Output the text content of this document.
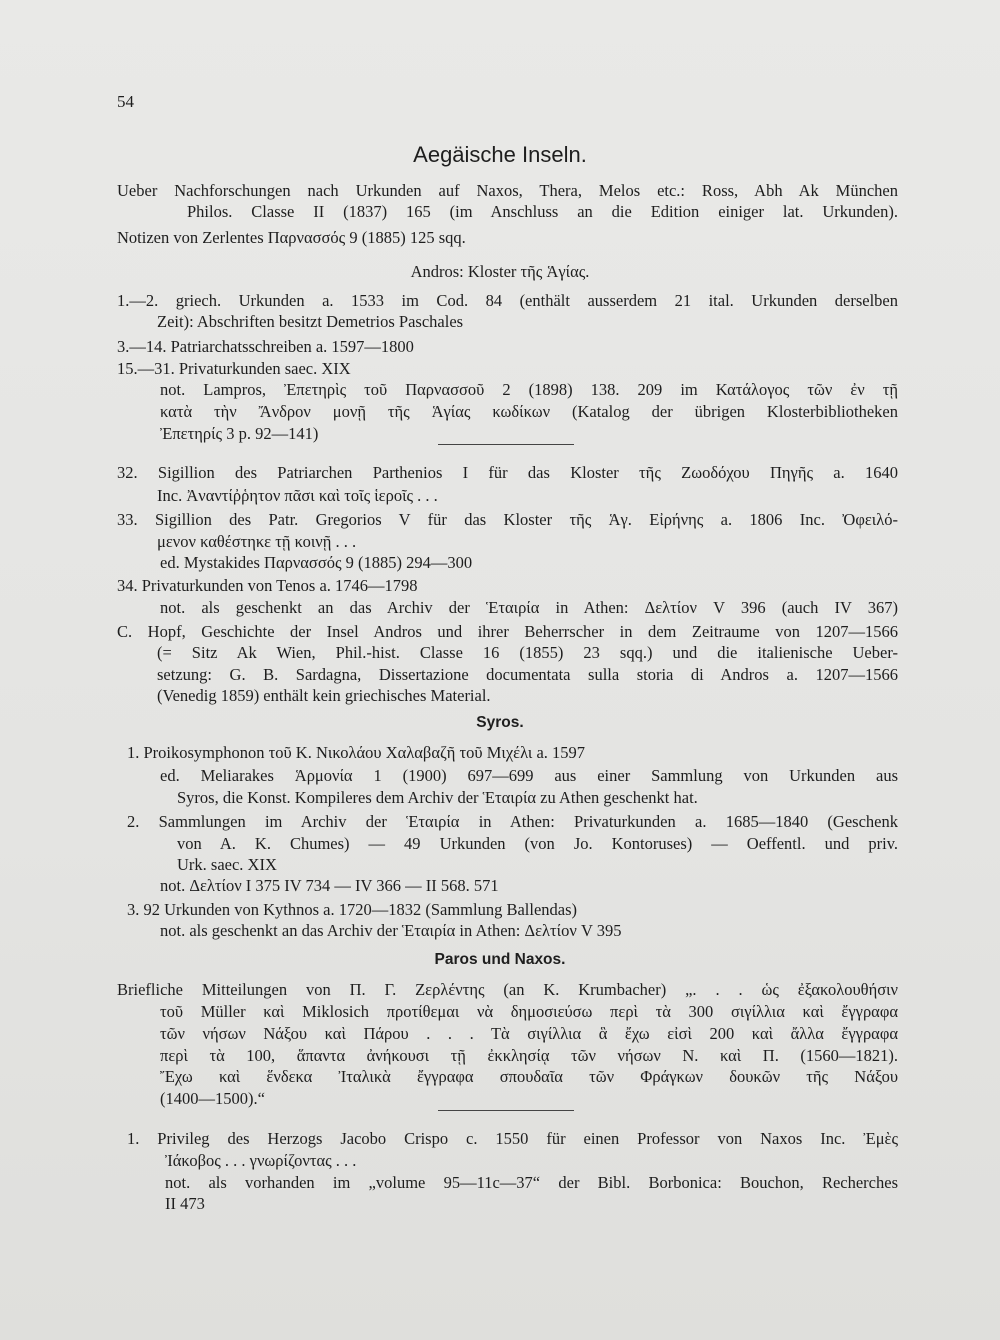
54
Aegäische Inseln.
Ueber Nachforschungen nach Urkunden auf Naxos, Thera, Melos etc.: Ross, Abh Ak München
Philos. Classe II (1837) 165 (im Anschluss an die Edition einiger lat. Urkunden).
Notizen von Zerlentes Παρνασσός 9 (1885) 125 sqq.
Andros: Kloster τῆς Ἁγίας.
1.—2. griech. Urkunden a. 1533 im Cod. 84 (enthält ausserdem 21 ital. Urkunden derselben
Zeit): Abschriften besitzt Demetrios Paschales
3.—14. Patriarchatsschreiben a. 1597—1800
15.—31. Privaturkunden saec. XIX
not. Lampros, Ἐπετηρὶς τοῦ Παρνασσοῦ 2 (1898) 138. 209 im Κατάλογος τῶν ἐν τῇ
κατὰ τὴν Ἄνδρον μονῇ τῆς Ἁγίας κωδίκων (Katalog der übrigen Klosterbibliotheken
Ἐπετηρίς 3 p. 92—141)
32. Sigillion des Patriarchen Parthenios I für das Kloster τῆς Ζωοδόχου Πηγῆς a. 1640
Inc. Ἀναντίῤῥητον πᾶσι καὶ τοῖς ἱεροῖς . . .
33. Sigillion des Patr. Gregorios V für das Kloster τῆς Ἁγ. Εἰρήνης a. 1806 Inc. Ὀφειλό-
μενον καθέστηκε τῇ κοινῇ . . .
ed. Mystakides Παρνασσός 9 (1885) 294—300
34. Privaturkunden von Tenos a. 1746—1798
not. als geschenkt an das Archiv der Ἑταιρία in Athen: Δελτίον V 396 (auch IV 367)
C. Hopf, Geschichte der Insel Andros und ihrer Beherrscher in dem Zeitraume von 1207—1566
(= Sitz Ak Wien, Phil.-hist. Classe 16 (1855) 23 sqq.) und die italienische Ueber-
setzung: G. B. Sardagna, Dissertazione documentata sulla storia di Andros a. 1207—1566
(Venedig 1859) enthält kein griechisches Material.
Syros.
1. Proikosymphonon τοῦ Κ. Νικολάου Χαλαβαζῆ τοῦ Μιχέλι a. 1597
ed. Meliarakes Ἁρμονία 1 (1900) 697—699 aus einer Sammlung von Urkunden aus
Syros, die Konst. Kompileres dem Archiv der Ἑταιρία zu Athen geschenkt hat.
2. Sammlungen im Archiv der Ἑταιρία in Athen: Privaturkunden a. 1685—1840 (Geschenk
von A. K. Chumes) — 49 Urkunden (von Jo. Kontoruses) — Oeffentl. und priv.
Urk. saec. XIX
not. Δελτίον I 375 IV 734 — IV 366 — II 568. 571
3. 92 Urkunden von Kythnos a. 1720—1832 (Sammlung Ballendas)
not. als geschenkt an das Archiv der Ἑταιρία in Athen: Δελτίον V 395
Paros und Naxos.
Briefliche Mitteilungen von Π. Γ. Ζερλέντης (an K. Krumbacher) „. . . ὡς ἐξακολουθήσιν
τοῦ Müller καὶ Miklosich προτίθεμαι νὰ δημοσιεύσω περὶ τὰ 300 σιγίλλια καὶ ἔγγραφα
τῶν νήσων Νάξου καὶ Πάρου . . . Τὰ σιγίλλια ἃ ἔχω εἰσὶ 200 καὶ ἄλλα ἔγγραφα
περὶ τὰ 100, ἅπαντα ἀνήκουσι τῇ ἐκκλησίᾳ τῶν νήσων Ν. καὶ Π. (1560—1821).
Ἔχω καὶ ἕνδεκα Ἰταλικὰ ἔγγραφα σπουδαῖα τῶν Φράγκων δουκῶν τῆς Νάξου
(1400—1500).“
1. Privileg des Herzogs Jacobo Crispo c. 1550 für einen Professor von Naxos Inc. Ἐμὲς
Ἰάκοβος . . . γνωρίζοντας . . .
not. als vorhanden im „volume 95—11c—37“ der Bibl. Borbonica: Bouchon, Recherches
II 473
